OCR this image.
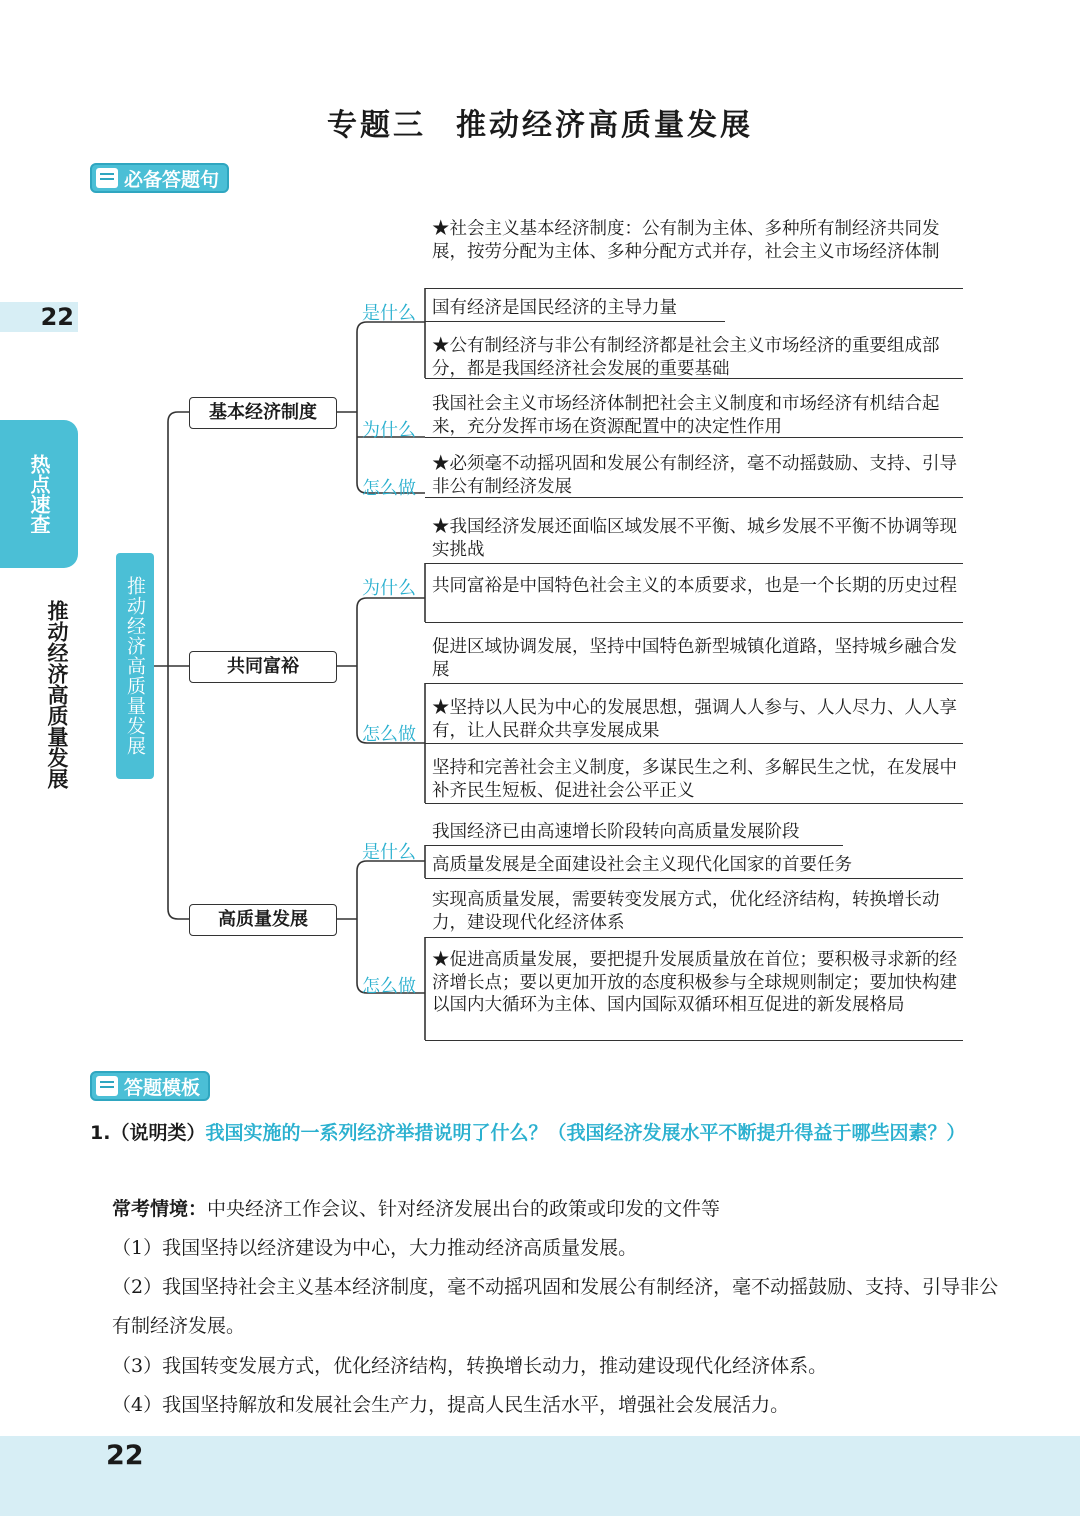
专题三 推动经济高质量发展
必备答题句
22
热点速查
推动经济高质量发展	推动经济高质量发展
基本经济制度
共同富裕
高质量发展
是什么
为什么
怎么做
为什么
怎么做
是什么
怎么做
★社会主义基本经济制度：公有制为主体、多种所有制经济共同发展，按劳分配为主体、多种分配方式并存，社会主义市场经济体制
国有经济是国民经济的主导力量
★公有制经济与非公有制经济都是社会主义市场经济的重要组成部分，都是我国经济社会发展的重要基础
我国社会主义市场经济体制把社会主义制度和市场经济有机结合起来，充分发挥市场在资源配置中的决定性作用
★必须毫不动摇巩固和发展公有制经济，毫不动摇鼓励、支持、引导非公有制经济发展
★我国经济发展还面临区域发展不平衡、城乡发展不平衡不协调等现实挑战
共同富裕是中国特色社会主义的本质要求，也是一个长期的历史过程
促进区域协调发展，坚持中国特色新型城镇化道路，坚持城乡融合发展
★坚持以人民为中心的发展思想，强调人人参与、人人尽力、人人享有，让人民群众共享发展成果
坚持和完善社会主义制度，多谋民生之利、多解民生之忧，在发展中补齐民生短板、促进社会公平正义
我国经济已由高速增长阶段转向高质量发展阶段
高质量发展是全面建设社会主义现代化国家的首要任务
实现高质量发展，需要转变发展方式，优化经济结构，转换增长动力，建设现代化经济体系
★促进高质量发展，要把提升发展质量放在首位；要积极寻求新的经济增长点；要以更加开放的态度积极参与全球规则制定；要加快构建以国内大循环为主体、国内国际双循环相互促进的新发展格局
答题模板
1.（说明类）我国实施的一系列经济举措说明了什么？（我国经济发展水平不断提升得益于哪些因素？）
常考情境：中央经济工作会议、针对经济发展出台的政策或印发的文件等
（1）我国坚持以经济建设为中心，大力推动经济高质量发展。
（2）我国坚持社会主义基本经济制度，毫不动摇巩固和发展公有制经济，毫不动摇鼓励、支持、引导非公有制经济发展。
（3）我国转变发展方式，优化经济结构，转换增长动力，推动建设现代化经济体系。
（4）我国坚持解放和发展社会生产力，提高人民生活水平，增强社会发展活力。
22
